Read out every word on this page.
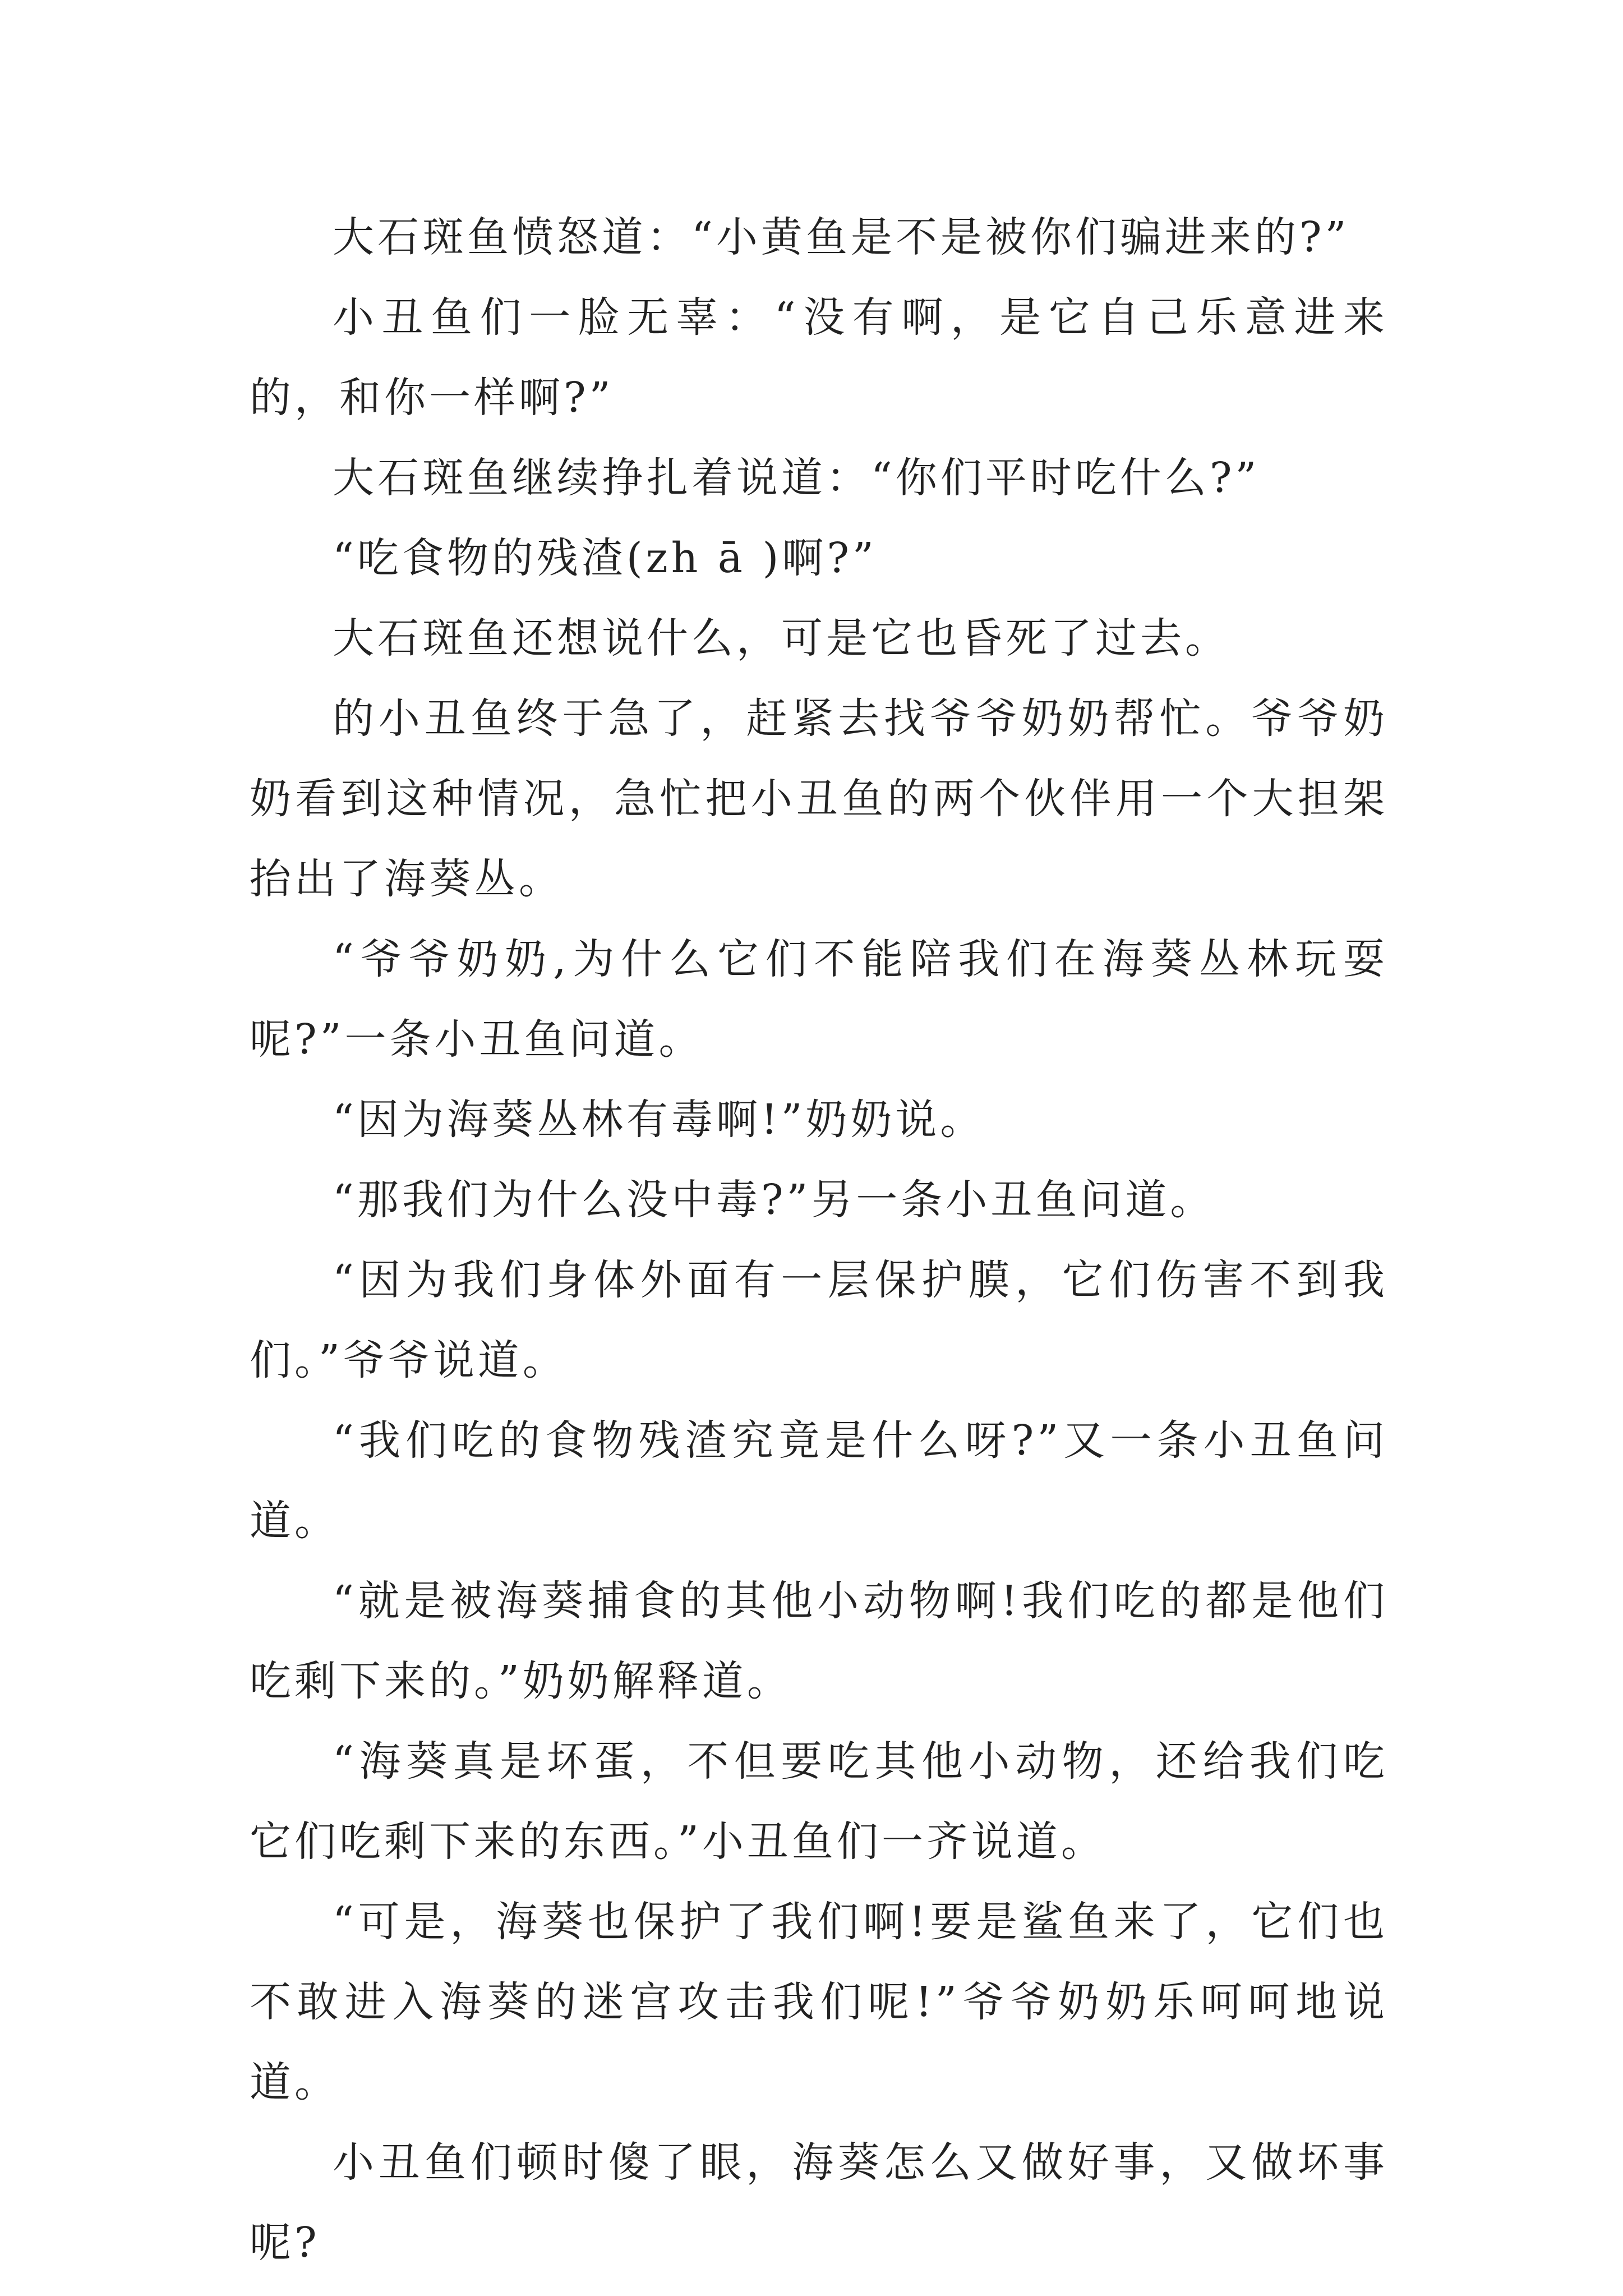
大石斑鱼愤怒道：“小黄鱼是不是被你们骗进来的?”

小丑鱼们一脸无辜：“没有啊，是它自己乐意进来的，和你一样啊?”

大石斑鱼继续挣扎着说道：“你们平时吃什么?”

“吃食物的残渣(zh ā )啊?”

大石斑鱼还想说什么，可是它也昏死了过去。

的小丑鱼终于急了，赶紧去找爷爷奶奶帮忙。爷爷奶奶看到这种情况，急忙把小丑鱼的两个伙伴用一个大担架抬出了海葵丛。

“爷爷奶奶,为什么它们不能陪我们在海葵丛林玩耍呢?”一条小丑鱼问道。

“因为海葵丛林有毒啊!”奶奶说。

“那我们为什么没中毒?”另一条小丑鱼问道。

“因为我们身体外面有一层保护膜，它们伤害不到我们。”爷爷说道。

“我们吃的食物残渣究竟是什么呀?”又一条小丑鱼问道。

“就是被海葵捕食的其他小动物啊!我们吃的都是他们吃剩下来的。”奶奶解释道。

“海葵真是坏蛋，不但要吃其他小动物，还给我们吃它们吃剩下来的东西。”小丑鱼们一齐说道。

“可是，海葵也保护了我们啊!要是鲨鱼来了，它们也不敢进入海葵的迷宫攻击我们呢!”爷爷奶奶乐呵呵地说道。

小丑鱼们顿时傻了眼，海葵怎么又做好事，又做坏事呢?
